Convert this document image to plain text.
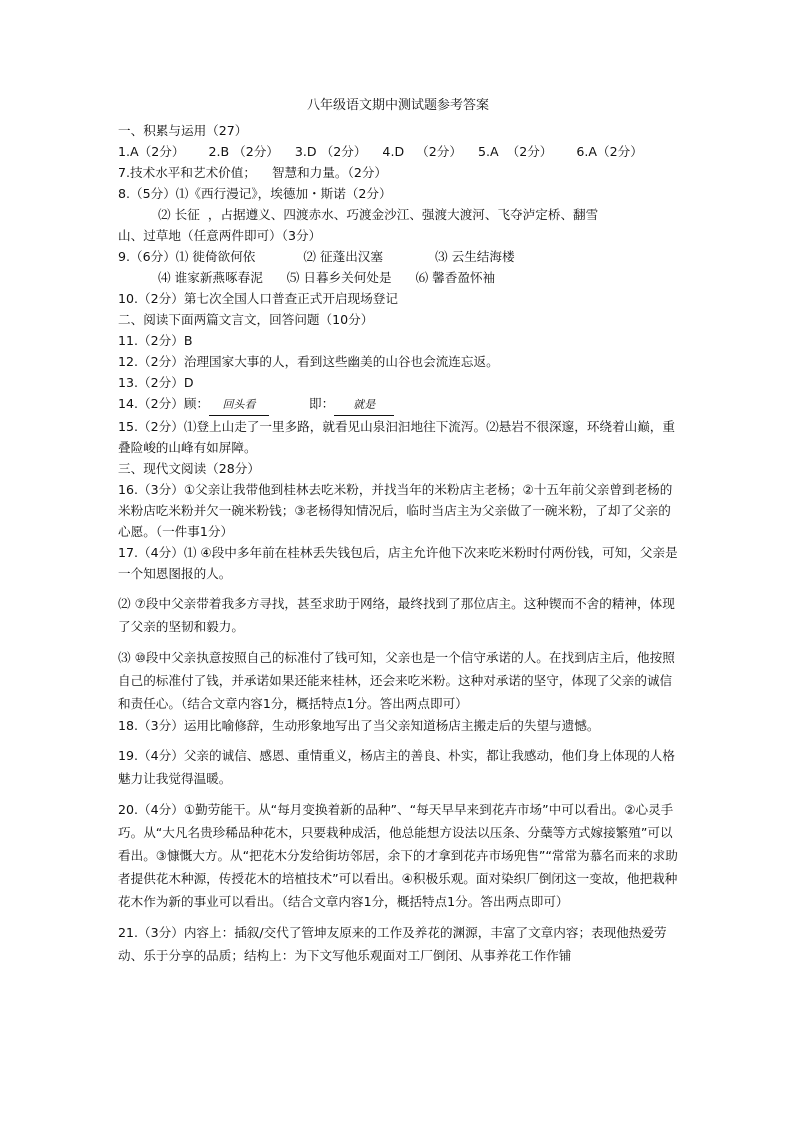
八年级语文期中测试题参考答案
一、积累与运用（27）
1.A（2分）      2.B （2分）    3.D （2分）    4.D   （2分）    5.A  （2分）      6.A（2分）
7.技术水平和艺术价值；    智慧和力量。（2分）
8.（5分）⑴《西行漫记》，埃德加・斯诺（2分）
⑵ 长征  ，占据遵义、四渡赤水、巧渡金沙江、强渡大渡河、飞夺泸定桥、翻雪
山、过草地（任意两件即可）（3分）
9.（6分）⑴ 徙倚欲何依            ⑵ 征蓬出汉塞             ⑶ 云生结海楼
⑷ 谁家新燕啄春泥      ⑸ 日暮乡关何处是      ⑹ 馨香盈怀袖
10.（2分）第七次全国人口普查正式开启现场登记
二、阅读下面两篇文言文，回答问题（10分）
11.（2分）B
12.（2分）治理国家大事的人，看到这些幽美的山谷也会流连忘返。
13.（2分）D
14.（2分）顾： 回头看          即： 就是
15.（2分）⑴登上山走了一里多路，就看见山泉汩汩地往下流泻。⑵悬岩不很深邃，环绕着山巅，重叠险峻的山峰有如屏障。
三、现代文阅读（28分）
16.（3分）①父亲让我带他到桂林去吃米粉，并找当年的米粉店主老杨；②十五年前父亲曾到老杨的米粉店吃米粉并欠一碗米粉钱；③老杨得知情况后，临时当店主为父亲做了一碗米粉，了却了父亲的心愿。（一件事1分）
17.（4分）⑴ ④段中多年前在桂林丢失钱包后，店主允许他下次来吃米粉时付两份钱，可知，父亲是一个知恩图报的人。
⑵ ⑦段中父亲带着我多方寻找，甚至求助于网络，最终找到了那位店主。这种锲而不舍的精神，体现了父亲的坚韧和毅力。
⑶ ⑩段中父亲执意按照自己的标准付了钱可知，父亲也是一个信守承诺的人。在找到店主后，他按照自己的标准付了钱，并承诺如果还能来桂林，还会来吃米粉。这种对承诺的坚守，体现了父亲的诚信和责任心。（结合文章内容1分，概括特点1分。答出两点即可）
18.（3分）运用比喻修辞，生动形象地写出了当父亲知道杨店主搬走后的失望与遗憾。
19.（4分）父亲的诚信、感恩、重情重义，杨店主的善良、朴实，都让我感动，他们身上体现的人格魅力让我觉得温暖。
20.（4分）①勤劳能干。从“每月变换着新的品种”、“每天早早来到花卉市场”中可以看出。②心灵手巧。从“大凡名贵珍稀品种花木，只要栽种成活，他总能想方设法以压条、分蘖等方式嫁接繁殖”可以看出。③慷慨大方。从“把花木分发给街坊邻居，余下的才拿到花卉市场兜售”“常常为慕名而来的求助者提供花木种源，传授花木的培植技术”可以看出。④积极乐观。面对染织厂倒闭这一变故，他把栽种花木作为新的事业可以看出。（结合文章内容1分，概括特点1分。答出两点即可）
21.（3分）内容上：插叙/交代了管坤友原来的工作及养花的渊源，丰富了文章内容；表现他热爱劳动、乐于分享的品质；结构上：为下文写他乐观面对工厂倒闭、从事养花工作作铺
